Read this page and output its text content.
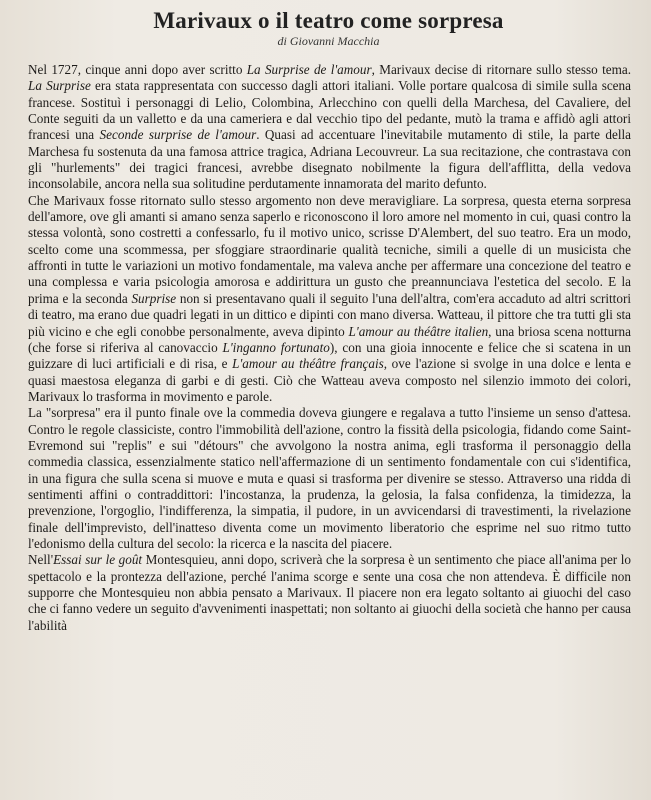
Marivaux o il teatro come sorpresa
di Giovanni Macchia

Nel 1727, cinque anni dopo aver scritto La Surprise de l'amour, Marivaux decise di ritornare sullo stesso tema. La Surprise era stata rappresentata con successo dagli attori italiani. Volle portare qualcosa di simile sulla scena francese. Sostituì i personaggi di Lelio, Colombina, Arlecchino con quelli della Marchesa, del Cavaliere, del Conte seguiti da un valletto e da una cameriera e dal vecchio tipo del pedante, mutò la trama e affidò agli attori francesi una Seconde surprise de l'amour. Quasi ad accentuare l'inevitabile mutamento di stile, la parte della Marchesa fu sostenuta da una famosa attrice tragica, Adriana Lecouvreur. La sua recitazione, che contrastava con gli "hurlements" dei tragici francesi, avrebbe disegnato nobilmente la figura dell'afflitta, della vedova inconsolabile, ancora nella sua solitudine perdutamente innamorata del marito defunto.

Che Marivaux fosse ritornato sullo stesso argomento non deve meravigliare. La sorpresa, questa eterna sorpresa dell'amore, ove gli amanti si amano senza saperlo e riconoscono il loro amore nel momento in cui, quasi contro la stessa volontà, sono costretti a confessarlo, fu il motivo unico, scrisse D'Alembert, del suo teatro. Era un modo, scelto come una scommessa, per sfoggiare straordinarie qualità tecniche, simili a quelle di un musicista che affronti in tutte le variazioni un motivo fondamentale, ma valeva anche per affermare una concezione del teatro e una complessa e varia psicologia amorosa e addirittura un gusto che preannunciava l'estetica del secolo. E la prima e la seconda Surprise non si presentavano quali il seguito l'una dell'altra, com'era accaduto ad altri scrittori di teatro, ma erano due quadri legati in un dittico e dipinti con mano diversa. Watteau, il pittore che tra tutti gli sta più vicino e che egli conobbe personalmente, aveva dipinto L'amour au théâtre italien, una briosa scena notturna (che forse si riferiva al canovaccio L'inganno fortunato), con una gioia innocente e felice che si scatena in un guizzare di luci artificiali e di risa, e L'amour au théâtre français, ove l'azione si svolge in una dolce e lenta e quasi maestosa eleganza di garbi e di gesti. Ciò che Watteau aveva composto nel silenzio immoto dei colori, Marivaux lo trasforma in movimento e parole.

La "sorpresa" era il punto finale ove la commedia doveva giungere e regalava a tutto l'insieme un senso d'attesa. Contro le regole classiciste, contro l'immobilità dell'azione, contro la fissità della psicologia, fidando come Saint-Evremond sui "replis" e sui "détours" che avvolgono la nostra anima, egli trasforma il personaggio della commedia classica, essenzialmente statico nell'affermazione di un sentimento fondamentale con cui s'identifica, in una figura che sulla scena si muove e muta e quasi si trasforma per divenire se stesso. Attraverso una ridda di sentimenti affini o contraddittori: l'incostanza, la prudenza, la gelosia, la falsa confidenza, la timidezza, la prevenzione, l'orgoglio, l'indifferenza, la simpatia, il pudore, in un avvicendarsi di travestimenti, la rivelazione finale dell'imprevisto, dell'inatteso diventa come un movimento liberatorio che esprime nel suo ritmo tutto l'edonismo della cultura del secolo: la ricerca e la nascita del piacere.

Nell'Essai sur le goût Montesquieu, anni dopo, scriverà che la sorpresa è un sentimento che piace all'anima per lo spettacolo e la prontezza dell'azione, perché l'anima scorge e sente una cosa che non attendeva. È difficile non supporre che Montesquieu non abbia pensato a Marivaux. Il piacere non era legato soltanto ai giuochi del caso che ci fanno vedere un seguito d'avvenimenti inaspettati; non soltanto ai giuochi della società che hanno per causa l'abilità
